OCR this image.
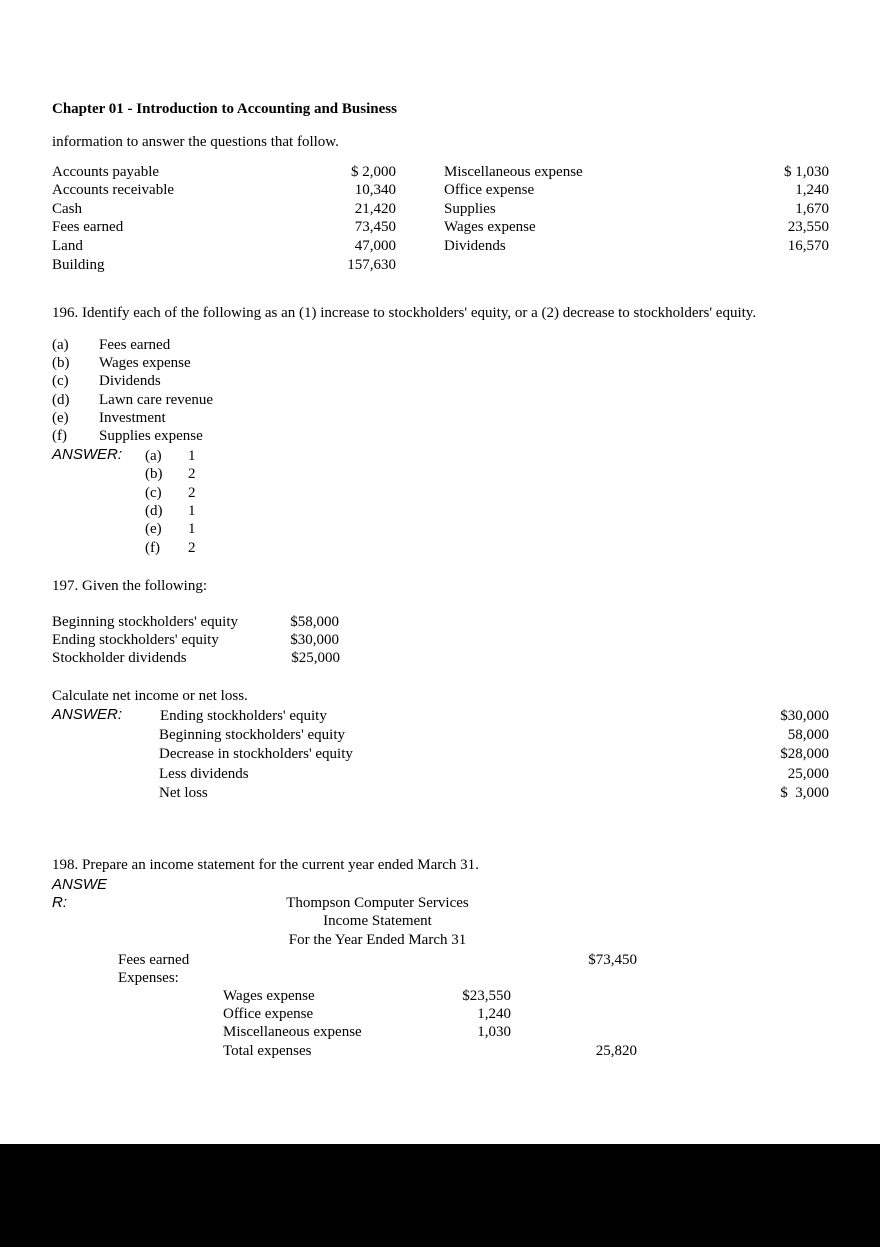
Chapter 01 - Introduction to Accounting and Business
information to answer the questions that follow.
Accounts payable	$ 2,000
Accounts receivable	10,340
Cash	21,420
Fees earned	73,450
Land	47,000
Building	157,630
Miscellaneous expense	$ 1,030
Office expense	1,240
Supplies	1,670
Wages expense	23,550
Dividends	16,570
196. Identify each of the following as an (1) increase to stockholders' equity, or a (2) decrease to stockholders' equity.
(a) Fees earned
(b) Wages expense
(c) Dividends
(d) Lawn care revenue
(e) Investment
(f) Supplies expense
ANSWER: (a) 1
(b) 2
(c) 2
(d) 1
(e) 1
(f) 2
197. Given the following:
Beginning stockholders' equity	$58,000
Ending stockholders' equity	$30,000
Stockholder dividends	$25,000
Calculate net income or net loss.
ANSWER:	Ending stockholders' equity	$30,000
Beginning stockholders' equity	58,000
Decrease in stockholders' equity	$28,000
Less dividends	25,000
Net loss	$  3,000
198. Prepare an income statement for the current year ended March 31.
ANSWE
R:	Thompson Computer Services
Income Statement
For the Year Ended March 31
Fees earned	$73,450
Expenses:
Wages expense	$23,550
Office expense	1,240
Miscellaneous expense	1,030
Total expenses	25,820
